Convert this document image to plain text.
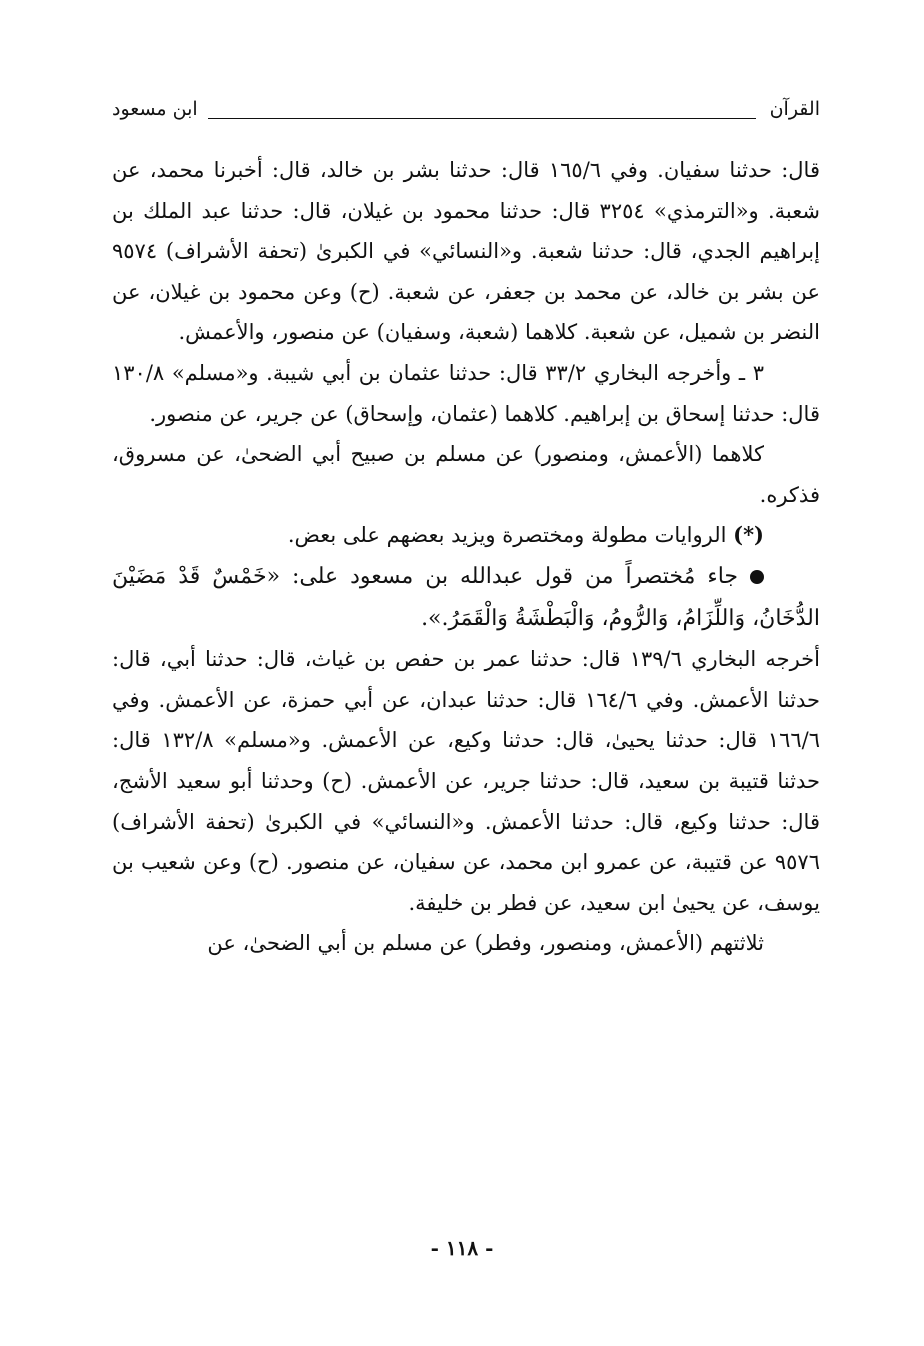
القرآن
ابن مسعود

قال: حدثنا سفيان. وفي ١٦٥/٦ قال: حدثنا بشر بن خالد، قال: أخبرنا محمد، عن شعبة. و«الترمذي» ٣٢٥٤ قال: حدثنا محمود بن غيلان، قال: حدثنا عبد الملك بن إبراهيم الجدي، قال: حدثنا شعبة. و«النسائي» في الكبرىٰ (تحفة الأشراف) ٩٥٧٤ عن بشر بن خالد، عن محمد بن جعفر، عن شعبة. (ح) وعن محمود بن غيلان، عن النضر بن شميل، عن شعبة. كلاهما (شعبة، وسفيان) عن منصور، والأعمش.

٣ ـ وأخرجه البخاري ٣٣/٢ قال: حدثنا عثمان بن أبي شيبة. و«مسلم» ١٣٠/٨ قال: حدثنا إسحاق بن إبراهيم. كلاهما (عثمان، وإسحاق) عن جرير، عن منصور.

كلاهما (الأعمش، ومنصور) عن مسلم بن صبيح أبي الضحىٰ، عن مسروق، فذكره.

(*) الروايات مطولة ومختصرة ويزيد بعضهم على بعض.

جاء مُختصراً من قول عبدالله بن مسعود على: «خَمْسٌ قَدْ مَضَيْنَ الدُّخَانُ، وَاللِّزَامُ، وَالرُّومُ، وَالْبَطْشَةُ وَالْقَمَرُ.».

أخرجه البخاري ١٣٩/٦ قال: حدثنا عمر بن حفص بن غياث، قال: حدثنا أبي، قال: حدثنا الأعمش. وفي ١٦٤/٦ قال: حدثنا عبدان، عن أبي حمزة، عن الأعمش. وفي ١٦٦/٦ قال: حدثنا يحيىٰ، قال: حدثنا وكيع، عن الأعمش. و«مسلم» ١٣٢/٨ قال: حدثنا قتيبة بن سعيد، قال: حدثنا جرير، عن الأعمش. (ح) وحدثنا أبو سعيد الأشج، قال: حدثنا وكيع، قال: حدثنا الأعمش. و«النسائي» في الكبرىٰ (تحفة الأشراف) ٩٥٧٦ عن قتيبة، عن عمرو ابن محمد، عن سفيان، عن منصور. (ح) وعن شعيب بن يوسف، عن يحيىٰ ابن سعيد، عن فطر بن خليفة.

ثلاثتهم (الأعمش، ومنصور، وفطر) عن مسلم بن أبي الضحىٰ، عن

- ١١٨ -
